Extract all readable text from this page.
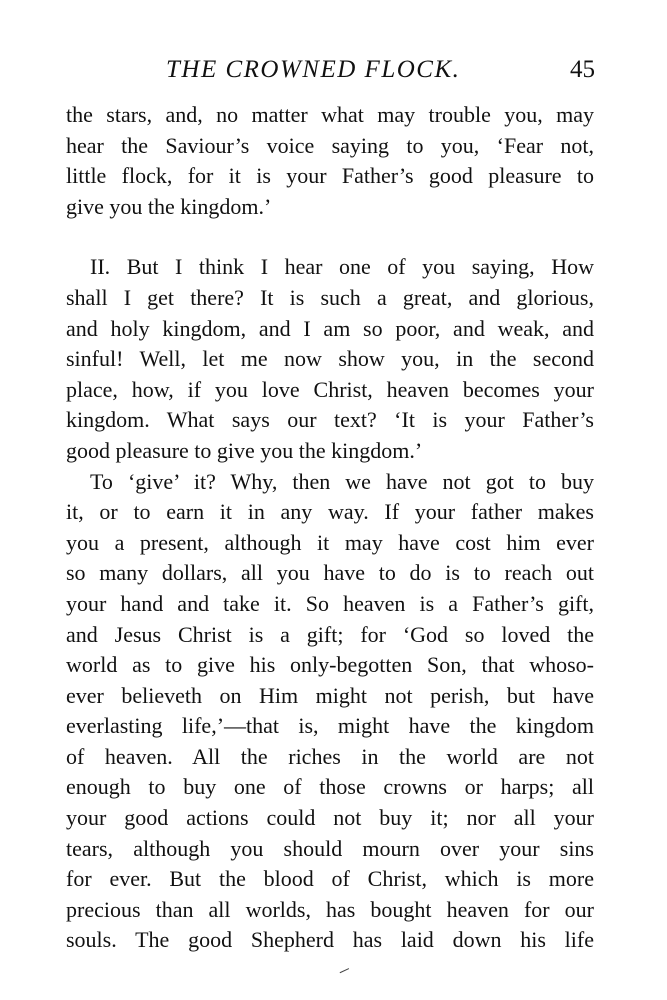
THE CROWNED FLOCK.	45
the stars, and, no matter what may trouble you, may
hear the Saviour’s voice saying to you, ‘Fear not,
little flock, for it is your Father’s good pleasure to
give you the kingdom.’
II. But I think I hear one of you saying, How
shall I get there? It is such a great, and glorious,
and holy kingdom, and I am so poor, and weak, and
sinful! Well, let me now show you, in the second
place, how, if you love Christ, heaven becomes your
kingdom. What says our text? ‘It is your Father’s
good pleasure to give you the kingdom.’
To ‘give’ it? Why, then we have not got to buy
it, or to earn it in any way. If your father makes
you a present, although it may have cost him ever
so many dollars, all you have to do is to reach out
your hand and take it. So heaven is a Father’s gift,
and Jesus Christ is a gift; for ‘God so loved the
world as to give his only-begotten Son, that whoso-
ever believeth on Him might not perish, but have
everlasting life,’—that is, might have the kingdom
of heaven. All the riches in the world are not
enough to buy one of those crowns or harps; all
your good actions could not buy it; nor all your
tears, although you should mourn over your sins
for ever. But the blood of Christ, which is more
precious than all worlds, has bought heaven for our
souls. The good Shepherd has laid down his life
